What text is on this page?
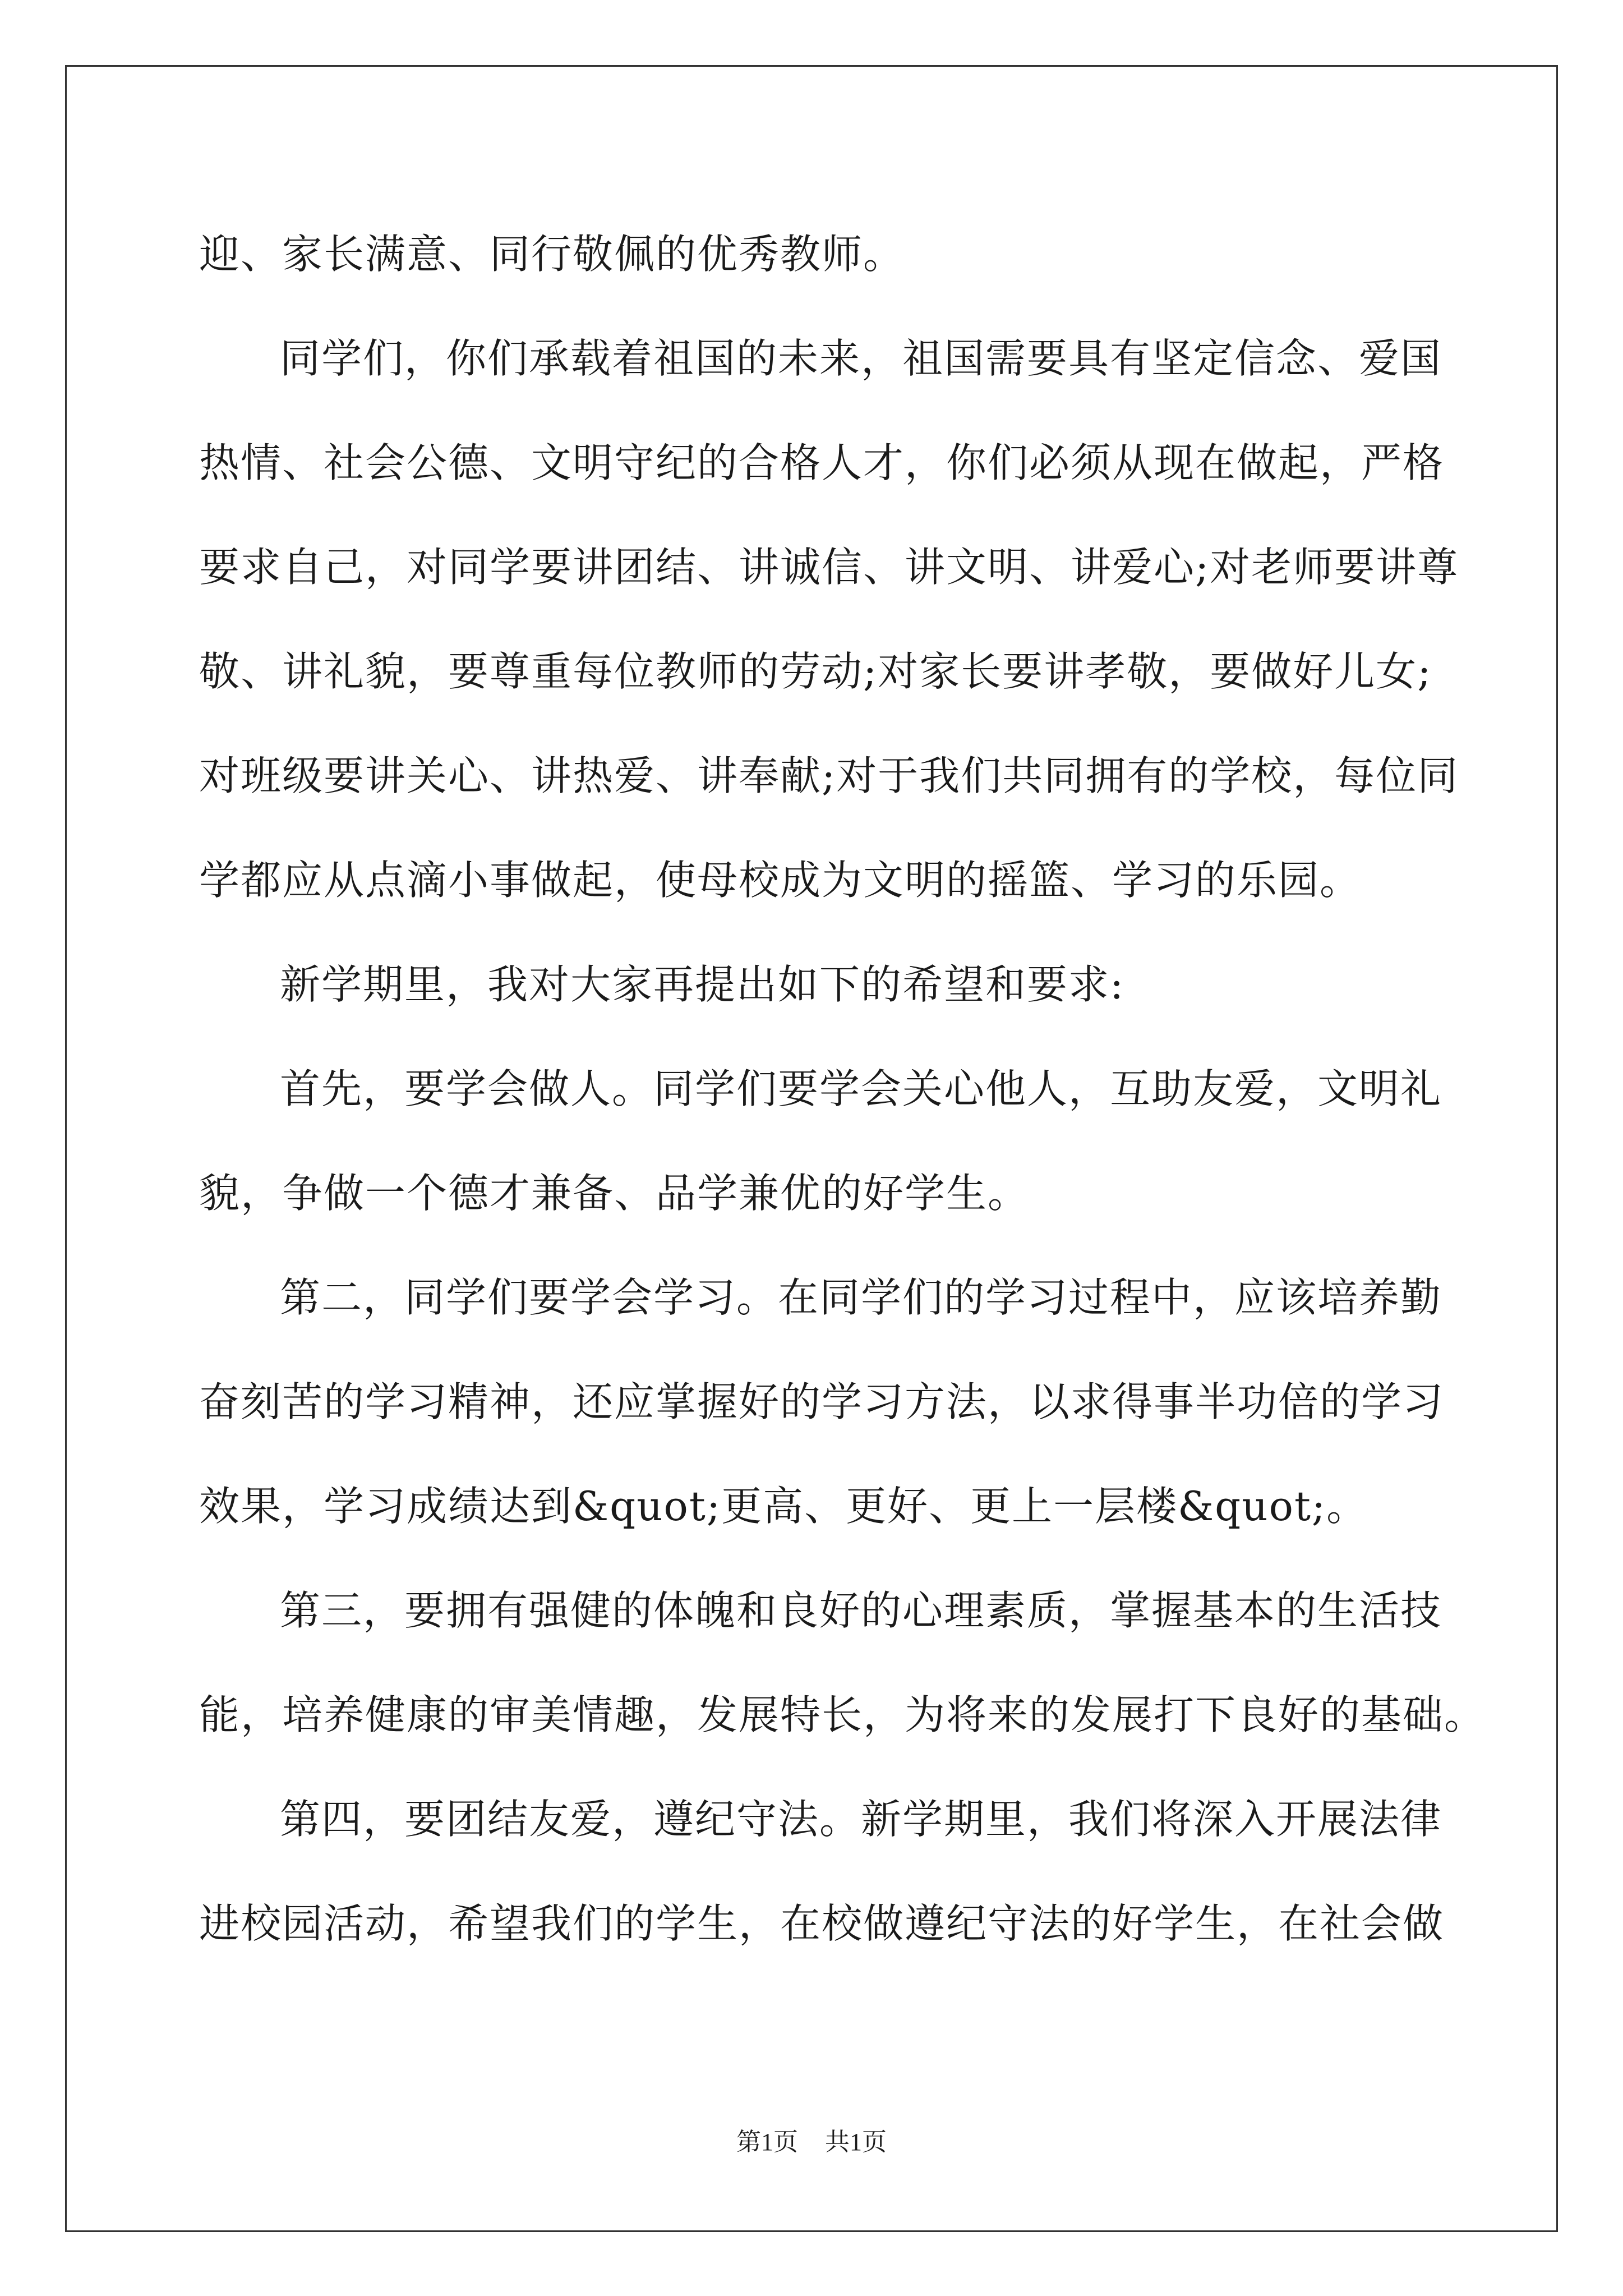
迎、家长满意、同行敬佩的优秀教师。
同学们，你们承载着祖国的未来，祖国需要具有坚定信念、爱国
热情、社会公德、文明守纪的合格人才，你们必须从现在做起，严格
要求自己，对同学要讲团结、讲诚信、讲文明、讲爱心;对老师要讲尊
敬、讲礼貌，要尊重每位教师的劳动;对家长要讲孝敬，要做好儿女;
对班级要讲关心、讲热爱、讲奉献;对于我们共同拥有的学校，每位同
学都应从点滴小事做起，使母校成为文明的摇篮、学习的乐园。
新学期里，我对大家再提出如下的希望和要求:
首先，要学会做人。同学们要学会关心他人，互助友爱，文明礼
貌，争做一个德才兼备、品学兼优的好学生。
第二，同学们要学会学习。在同学们的学习过程中，应该培养勤
奋刻苦的学习精神，还应掌握好的学习方法，以求得事半功倍的学习
效果，学习成绩达到&quot;更高、更好、更上一层楼&quot;。
第三，要拥有强健的体魄和良好的心理素质，掌握基本的生活技
能，培养健康的审美情趣，发展特长，为将来的发展打下良好的基础。
第四，要团结友爱，遵纪守法。新学期里，我们将深入开展法律
进校园活动，希望我们的学生，在校做遵纪守法的好学生，在社会做
第1页 共1页
